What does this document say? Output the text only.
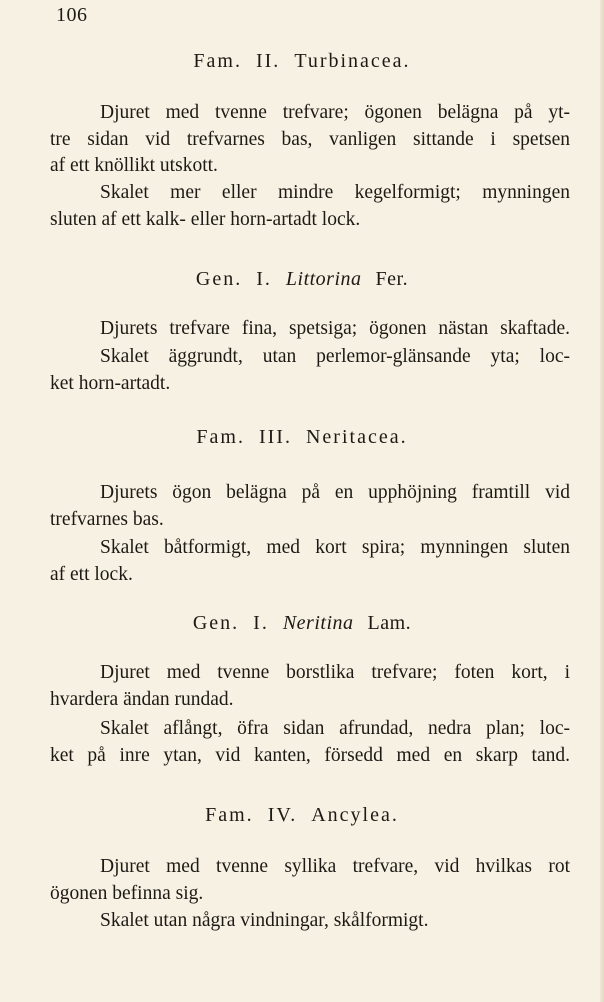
106
Fam. II. Turbinacea.
Djuret med tvenne trefvare; ögonen belägna på yt-
tre sidan vid trefvarnes bas, vanligen sittande i spetsen
af ett knöllikt utskott.
Skalet mer eller mindre kegelformigt; mynningen
sluten af ett kalk- eller horn-artadt lock.
Gen. I. Littorina Fer.
Djurets trefvare fina, spetsiga; ögonen nästan skaftade.
Skalet äggrundt, utan perlemor-glänsande yta; loc-
ket horn-artadt.
Fam. III. Neritacea.
Djurets ögon belägna på en upphöjning framtill vid
trefvarnes bas.
Skalet båtformigt, med kort spira; mynningen sluten
af ett lock.
Gen. I. Neritina Lam.
Djuret med tvenne borstlika trefvare; foten kort, i
hvardera ändan rundad.
Skalet aflångt, öfra sidan afrundad, nedra plan; loc-
ket på inre ytan, vid kanten, försedd med en skarp tand.
Fam. IV. Ancylea.
Djuret med tvenne syllika trefvare, vid hvilkas rot
ögonen befinna sig.
Skalet utan några vindningar, skålformigt.
